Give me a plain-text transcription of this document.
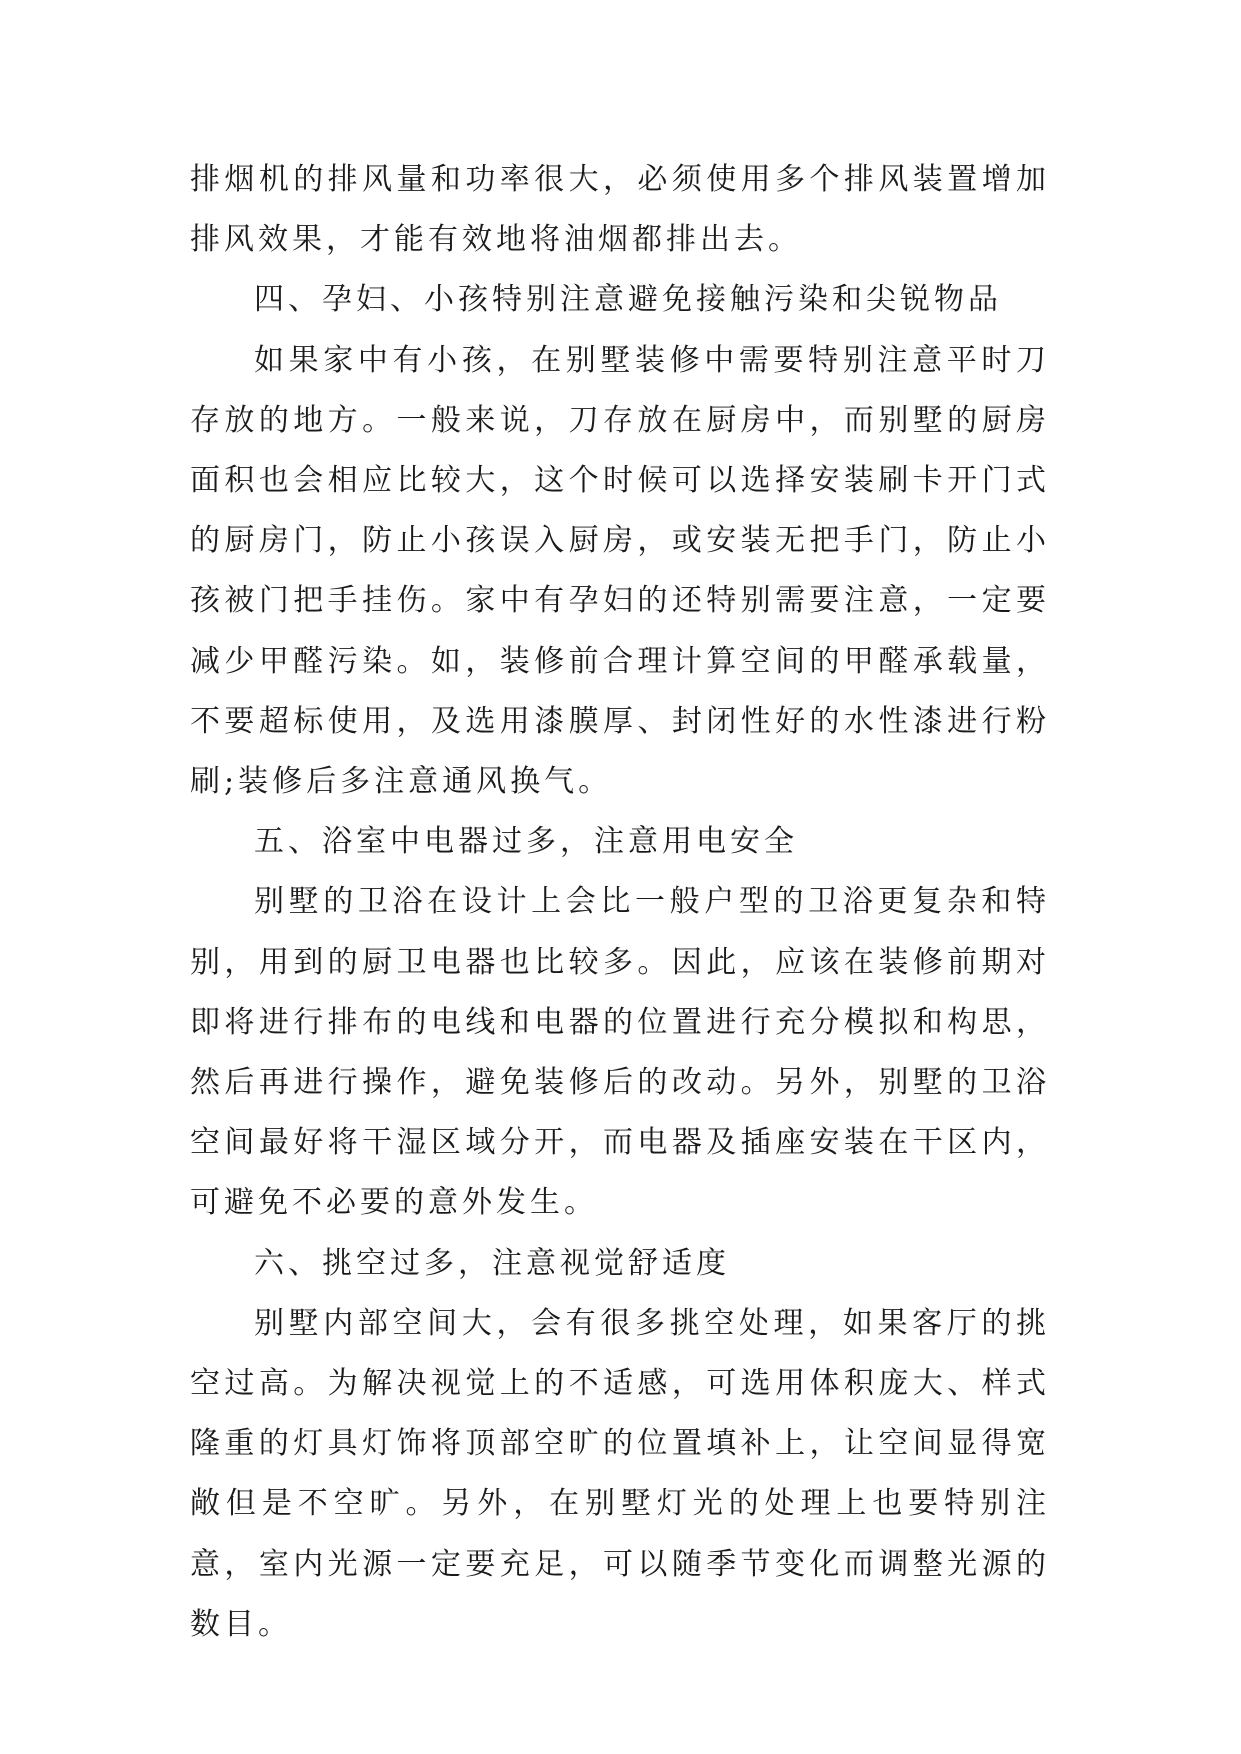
排烟机的排风量和功率很大，必须使用多个排风装置增加排风效果，才能有效地将油烟都排出去。

四、孕妇、小孩特别注意避免接触污染和尖锐物品

如果家中有小孩，在别墅装修中需要特别注意平时刀存放的地方。一般来说，刀存放在厨房中，而别墅的厨房面积也会相应比较大，这个时候可以选择安装刷卡开门式的厨房门，防止小孩误入厨房，或安装无把手门，防止小孩被门把手挂伤。家中有孕妇的还特别需要注意，一定要减少甲醛污染。如，装修前合理计算空间的甲醛承载量，不要超标使用，及选用漆膜厚、封闭性好的水性漆进行粉刷;装修后多注意通风换气。

五、浴室中电器过多，注意用电安全

别墅的卫浴在设计上会比一般户型的卫浴更复杂和特别，用到的厨卫电器也比较多。因此，应该在装修前期对即将进行排布的电线和电器的位置进行充分模拟和构思，然后再进行操作，避免装修后的改动。另外，别墅的卫浴空间最好将干湿区域分开，而电器及插座安装在干区内，可避免不必要的意外发生。

六、挑空过多，注意视觉舒适度

别墅内部空间大，会有很多挑空处理，如果客厅的挑空过高。为解决视觉上的不适感，可选用体积庞大、样式隆重的灯具灯饰将顶部空旷的位置填补上，让空间显得宽敞但是不空旷。另外，在别墅灯光的处理上也要特别注意，室内光源一定要充足，可以随季节变化而调整光源的数目。
